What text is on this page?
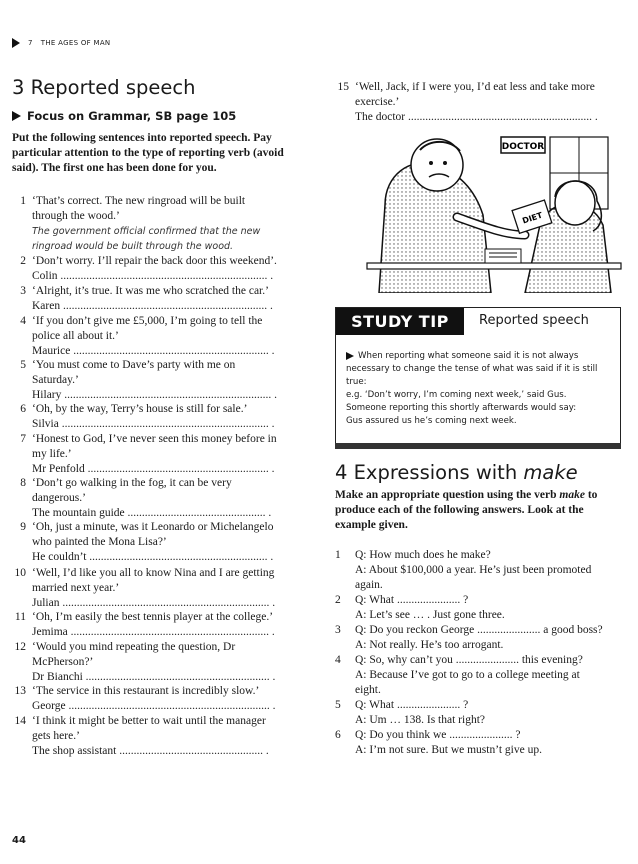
7 THE AGES OF MAN
3 Reported speech
Focus on Grammar, SB page 105
Put the following sentences into reported speech. Pay particular attention to the type of reporting verb (avoid said). The first one has been done for you.
1 ‘That’s correct. The new ringroad will be built
through the wood.’
The government official confirmed that the new
ringroad would be built through the wood.
2 ‘Don’t worry. I’ll repair the back door this weekend’.
Colin ........................................................................ .
3 ‘Alright, it’s true. It was me who scratched the car.’
Karen ....................................................................... .
4 ‘If you don’t give me £5,000, I’m going to tell the
police all about it.’
Maurice .................................................................... .
5 ‘You must come to Dave’s party with me on
Saturday.’
Hilary ........................................................................ .
6 ‘Oh, by the way, Terry’s house is still for sale.’
Silvia ........................................................................ .
7 ‘Honest to God, I’ve never seen this money before in
my life.’
Mr Penfold ............................................................... .
8 ‘Don’t go walking in the fog, it can be very
dangerous.’
The mountain guide ................................................ .
9 ‘Oh, just a minute, was it Leonardo or Michelangelo
who painted the Mona Lisa?’
He couldn’t .............................................................. .
10 ‘Well, I’d like you all to know Nina and I are getting
married next year.’
Julian ........................................................................ .
11 ‘Oh, I’m easily the best tennis player at the college.’
Jemima ..................................................................... .
12 ‘Would you mind repeating the question, Dr
McPherson?’
Dr Bianchi ................................................................ .
13 ‘The service in this restaurant is incredibly slow.’
George ...................................................................... .
14 ‘I think it might be better to wait until the manager
gets here.’
The shop assistant .................................................. .
15 ‘Well, Jack, if I were you, I’d eat less and take more
exercise.’
The doctor ................................................................ .
DOCTOR
DIET
STUDY TIP	Reported speech
When reporting what someone said it is not always necessary to change the tense of what was said if it is still true:
e.g. ‘Don’t worry, I’m coming next week,’ said Gus.
Someone reporting this shortly afterwards would say:
Gus assured us he’s coming next week.
4 Expressions with make
Make an appropriate question using the verb make to produce each of the following answers. Look at the example given.
1 Q: How much does he make?
A: About $100,000 a year. He’s just been promoted
again.
2 Q: What ...................... ?
A: Let’s see … . Just gone three.
3 Q: Do you reckon George ...................... a good boss?
A: Not really. He’s too arrogant.
4 Q: So, why can’t you ...................... this evening?
A: Because I’ve got to go to a college meeting at
eight.
5 Q: What ...................... ?
A: Um … 138. Is that right?
6 Q: Do you think we ...................... ?
A: I’m not sure. But we mustn’t give up.
44
